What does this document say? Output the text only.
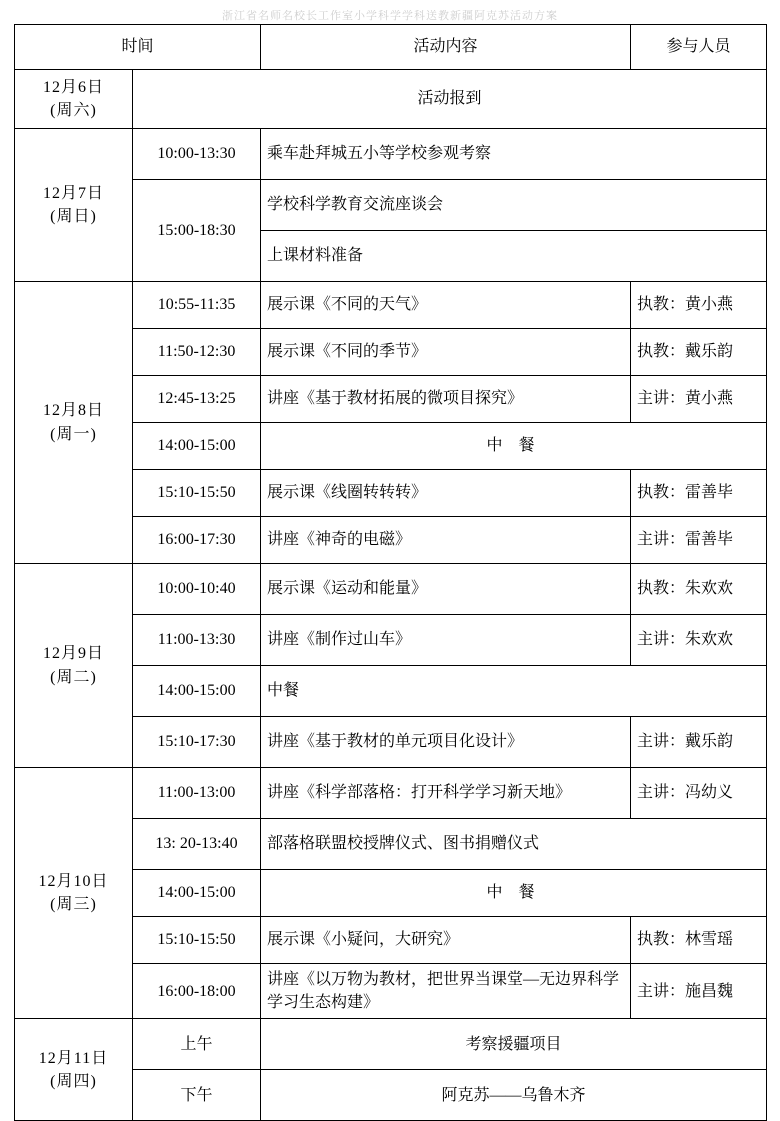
浙江省名师名校长工作室小学科学学科送教新疆阿克苏活动方案
时间		活动内容	参与人员

12月6日
(周六)	活动报到		

12月7日
(周日)	10:00-13:30	乘车赴拜城五小等学校参观考察	
	15:00-18:30	学校科学教育交流座谈会	
		上课材料准备	

12月8日
(周一)	10:55-11:35	展示课《不同的天气》	执教：黄小燕
	11:50-12:30	展示课《不同的季节》	执教：戴乐韵
	12:45-13:25	讲座《基于教材拓展的微项目探究》	主讲：黄小燕
	14:00-15:00	中 餐	
	15:10-15:50	展示课《线圈转转转》	执教：雷善毕
	16:00-17:30	讲座《神奇的电磁》	主讲：雷善毕

12月9日
(周二)	10:00-10:40	展示课《运动和能量》	执教：朱欢欢
	11:00-13:30	讲座《制作过山车》	主讲：朱欢欢
	14:00-15:00	中餐	
	15:10-17:30	讲座《基于教材的单元项目化设计》	主讲：戴乐韵

12月10日
(周三)	11:00-13:00	讲座《科学部落格：打开科学学习新天地》	主讲：冯幼义
	13: 20-13:40	部落格联盟校授牌仪式、图书捐赠仪式	
	14:00-15:00	中 餐	
	15:10-15:50	展示课《小疑问，大研究》	执教：林雪瑶
	16:00-18:00	讲座《以万物为教材，把世界当课堂—无边界科学学习生态构建》	主讲：施昌魏

12月11日
(周四)	上午	考察援疆项目	
	下午	阿克苏——乌鲁木齐	
